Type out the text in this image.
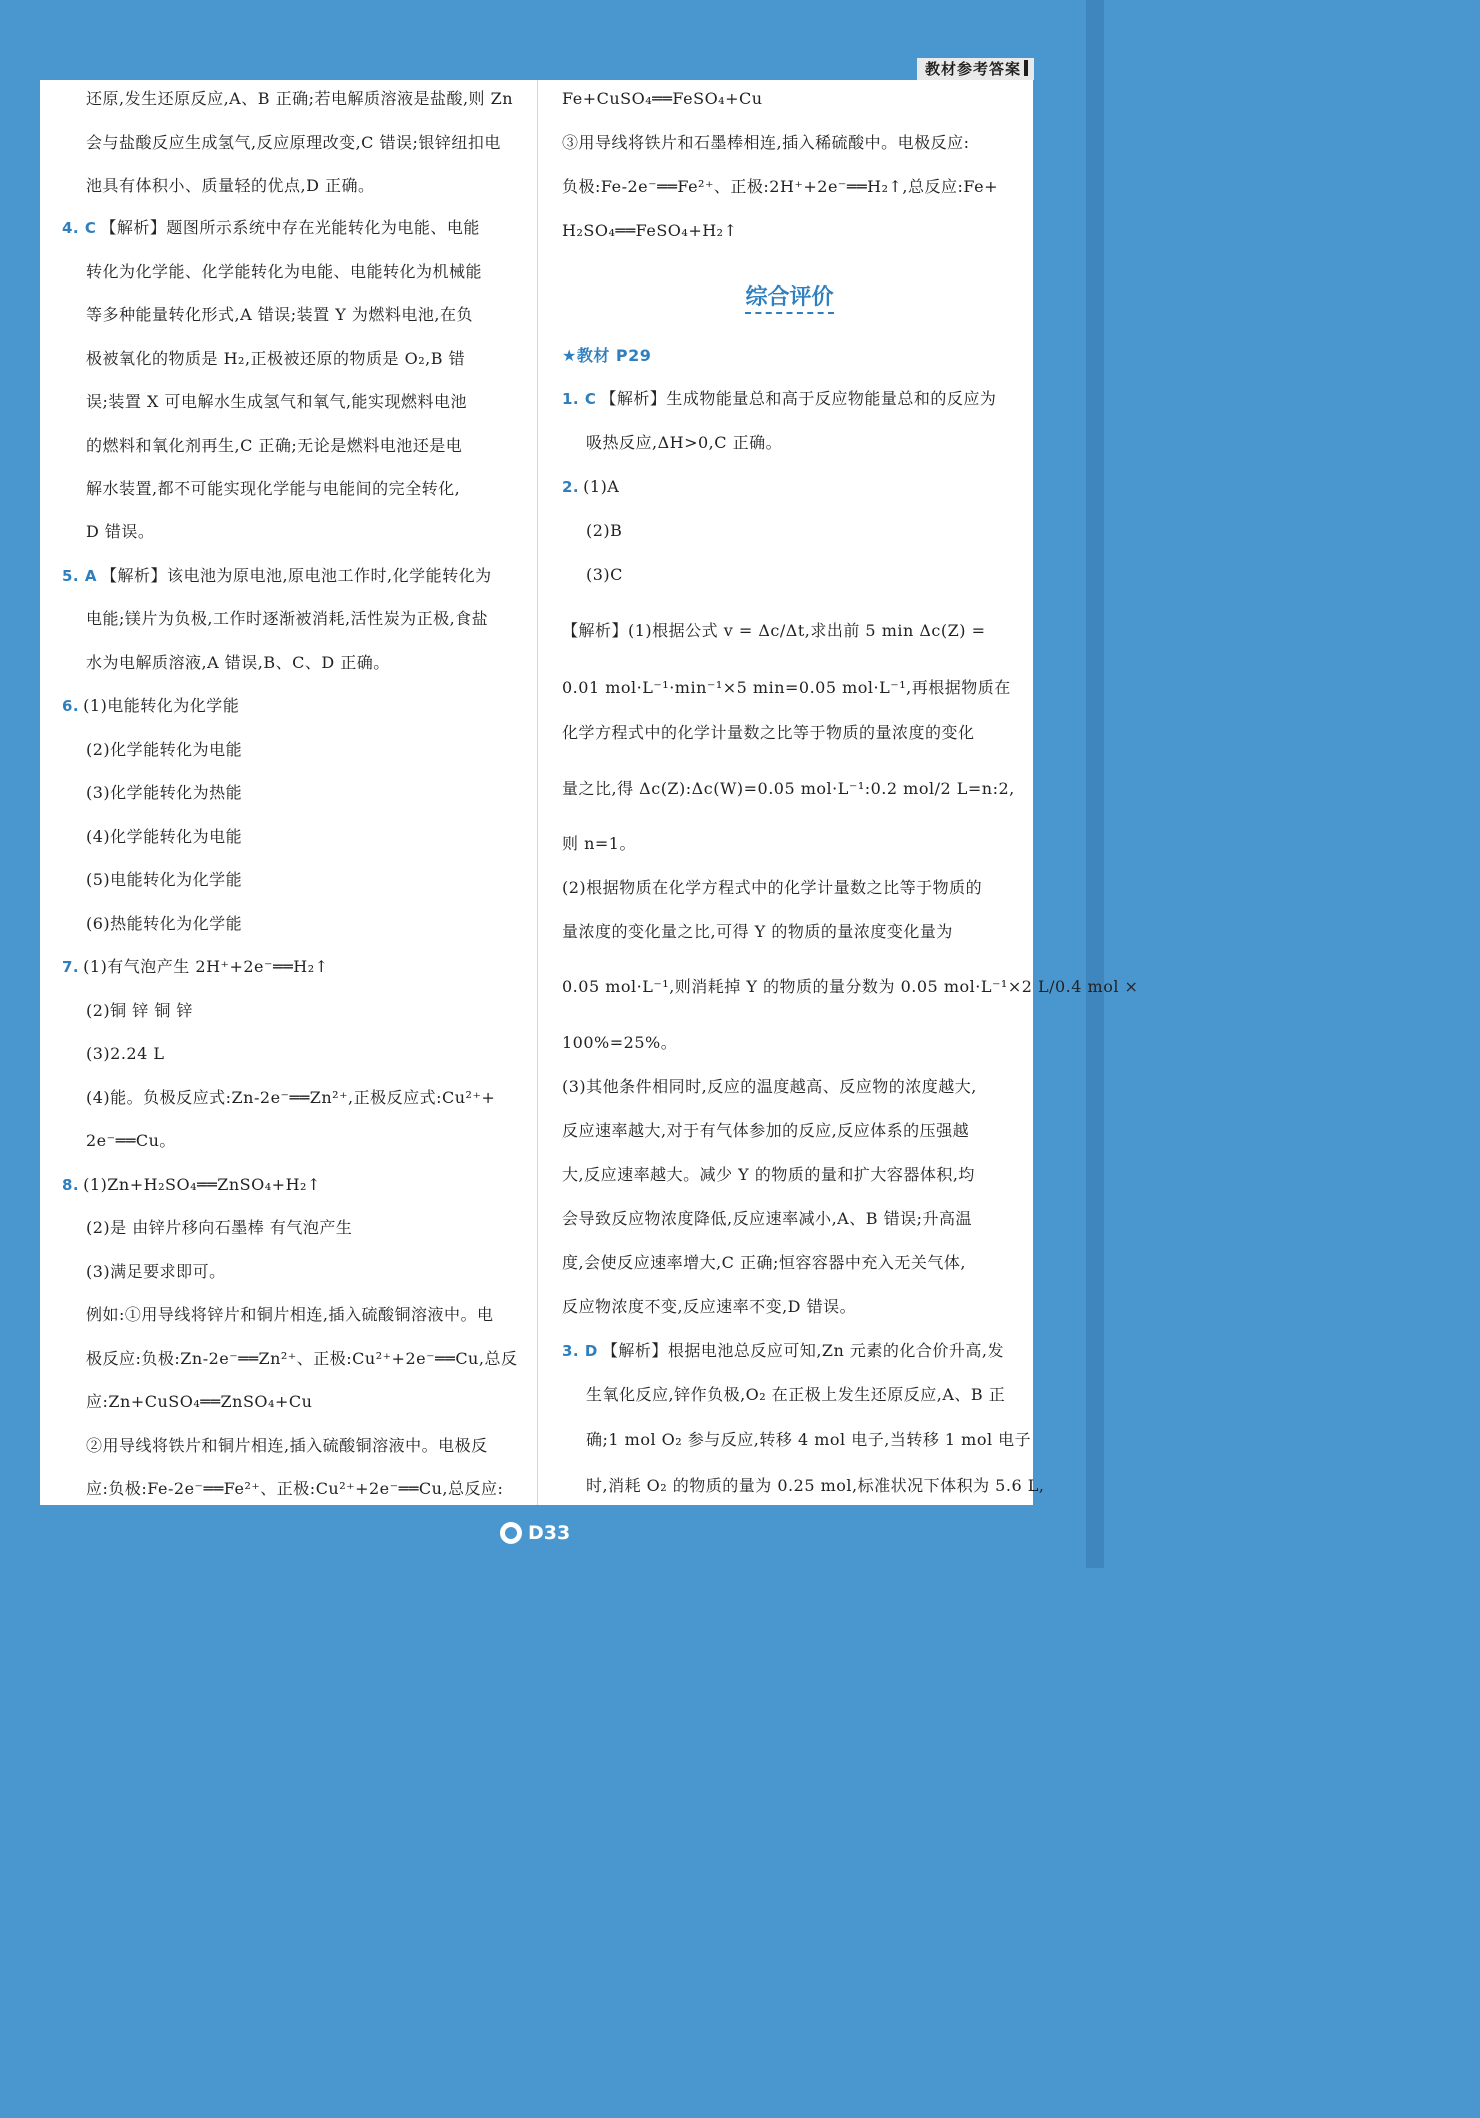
教材参考答案
还原,发生还原反应,A、B 正确;若电解质溶液是盐酸,则 Zn
会与盐酸反应生成氢气,反应原理改变,C 错误;银锌纽扣电
池具有体积小、质量轻的优点,D 正确。
4. C 【解析】题图所示系统中存在光能转化为电能、电能
转化为化学能、化学能转化为电能、电能转化为机械能
等多种能量转化形式,A 错误;装置 Y 为燃料电池,在负
极被氧化的物质是 H₂,正极被还原的物质是 O₂,B 错
误;装置 X 可电解水生成氢气和氧气,能实现燃料电池
的燃料和氧化剂再生,C 正确;无论是燃料电池还是电
解水装置,都不可能实现化学能与电能间的完全转化,
D 错误。
5. A 【解析】该电池为原电池,原电池工作时,化学能转化为
电能;镁片为负极,工作时逐渐被消耗,活性炭为正极,食盐
水为电解质溶液,A 错误,B、C、D 正确。
6. (1)电能转化为化学能
(2)化学能转化为电能
(3)化学能转化为热能
(4)化学能转化为电能
(5)电能转化为化学能
(6)热能转化为化学能
7. (1)有气泡产生 2H⁺+2e⁻══H₂↑
(2)铜 锌 铜 锌
(3)2.24 L
(4)能。负极反应式:Zn-2e⁻══Zn²⁺,正极反应式:Cu²⁺+
2e⁻══Cu。
8. (1)Zn+H₂SO₄══ZnSO₄+H₂↑
(2)是 由锌片移向石墨棒 有气泡产生
(3)满足要求即可。
例如:①用导线将锌片和铜片相连,插入硫酸铜溶液中。电
极反应:负极:Zn-2e⁻══Zn²⁺、正极:Cu²⁺+2e⁻══Cu,总反
应:Zn+CuSO₄══ZnSO₄+Cu
②用导线将铁片和铜片相连,插入硫酸铜溶液中。电极反
应:负极:Fe-2e⁻══Fe²⁺、正极:Cu²⁺+2e⁻══Cu,总反应:
Fe+CuSO₄══FeSO₄+Cu
③用导线将铁片和石墨棒相连,插入稀硫酸中。电极反应:
负极:Fe-2e⁻══Fe²⁺、正极:2H⁺+2e⁻══H₂↑,总反应:Fe+
H₂SO₄══FeSO₄+H₂↑
综合评价
★教材 P29
1. C 【解析】生成物能量总和高于反应物能量总和的反应为
吸热反应,ΔH>0,C 正确。
2. (1)A
(2)B
(3)C
【解析】(1)根据公式 v = Δc/Δt,求出前 5 min Δc(Z) =
0.01 mol·L⁻¹·min⁻¹×5 min=0.05 mol·L⁻¹,再根据物质在
化学方程式中的化学计量数之比等于物质的量浓度的变化
量之比,得 Δc(Z):Δc(W)=0.05 mol·L⁻¹:0.2 mol/2 L=n:2,
则 n=1。
(2)根据物质在化学方程式中的化学计量数之比等于物质的
量浓度的变化量之比,可得 Y 的物质的量浓度变化量为
0.05 mol·L⁻¹,则消耗掉 Y 的物质的量分数为 0.05 mol·L⁻¹×2 L/0.4 mol ×
100%=25%。
(3)其他条件相同时,反应的温度越高、反应物的浓度越大,
反应速率越大,对于有气体参加的反应,反应体系的压强越
大,反应速率越大。减少 Y 的物质的量和扩大容器体积,均
会导致反应物浓度降低,反应速率减小,A、B 错误;升高温
度,会使反应速率增大,C 正确;恒容容器中充入无关气体,
反应物浓度不变,反应速率不变,D 错误。
3. D 【解析】根据电池总反应可知,Zn 元素的化合价升高,发
生氧化反应,锌作负极,O₂ 在正极上发生还原反应,A、B 正
确;1 mol O₂ 参与反应,转移 4 mol 电子,当转移 1 mol 电子
时,消耗 O₂ 的物质的量为 0.25 mol,标准状况下体积为 5.6 L,
D33
